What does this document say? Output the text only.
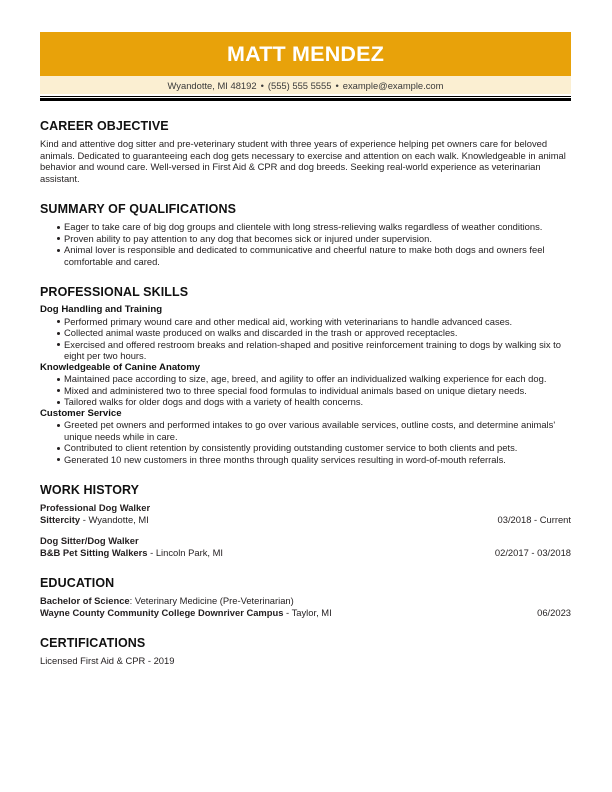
MATT MENDEZ
Wyandotte, MI 48192 • (555) 555 5555 • example@example.com
CAREER OBJECTIVE
Kind and attentive dog sitter and pre-veterinary student with three years of experience helping pet owners care for beloved animals. Dedicated to guaranteeing each dog gets necessary to exercise and attention on each walk. Knowledgeable in animal behavior and wound care. Well-versed in First Aid & CPR and dog breeds. Seeking real-world experience as veterinarian assistant.
SUMMARY OF QUALIFICATIONS
Eager to take care of big dog groups and clientele with long stress-relieving walks regardless of weather conditions.
Proven ability to pay attention to any dog that becomes sick or injured under supervision.
Animal lover is responsible and dedicated to communicative and cheerful nature to make both dogs and owners feel comfortable and cared.
PROFESSIONAL SKILLS
Dog Handling and Training
Performed primary wound care and other medical aid, working with veterinarians to handle advanced cases.
Collected animal waste produced on walks and discarded in the trash or approved receptacles.
Exercised and offered restroom breaks and relation-shaped and positive reinforcement training to dogs by walking six to eight per two hours.
Knowledgeable of Canine Anatomy
Maintained pace according to size, age, breed, and agility to offer an individualized walking experience for each dog.
Mixed and administered two to three special food formulas to individual animals based on unique dietary needs.
Tailored walks for older dogs and dogs with a variety of health concerns.
Customer Service
Greeted pet owners and performed intakes to go over various available services, outline costs, and determine animals' unique needs while in care.
Contributed to client retention by consistently providing outstanding customer service to both clients and pets.
Generated 10 new customers in three months through quality services resulting in word-of-mouth referrals.
WORK HISTORY
Professional Dog Walker
Sittercity - Wyandotte, MI	03/2018 - Current
Dog Sitter/Dog Walker
B&B Pet Sitting Walkers - Lincoln Park, MI	02/2017 - 03/2018
EDUCATION
Bachelor of Science: Veterinary Medicine (Pre-Veterinarian)
Wayne County Community College Downriver Campus - Taylor, MI	06/2023
CERTIFICATIONS
Licensed First Aid & CPR - 2019
